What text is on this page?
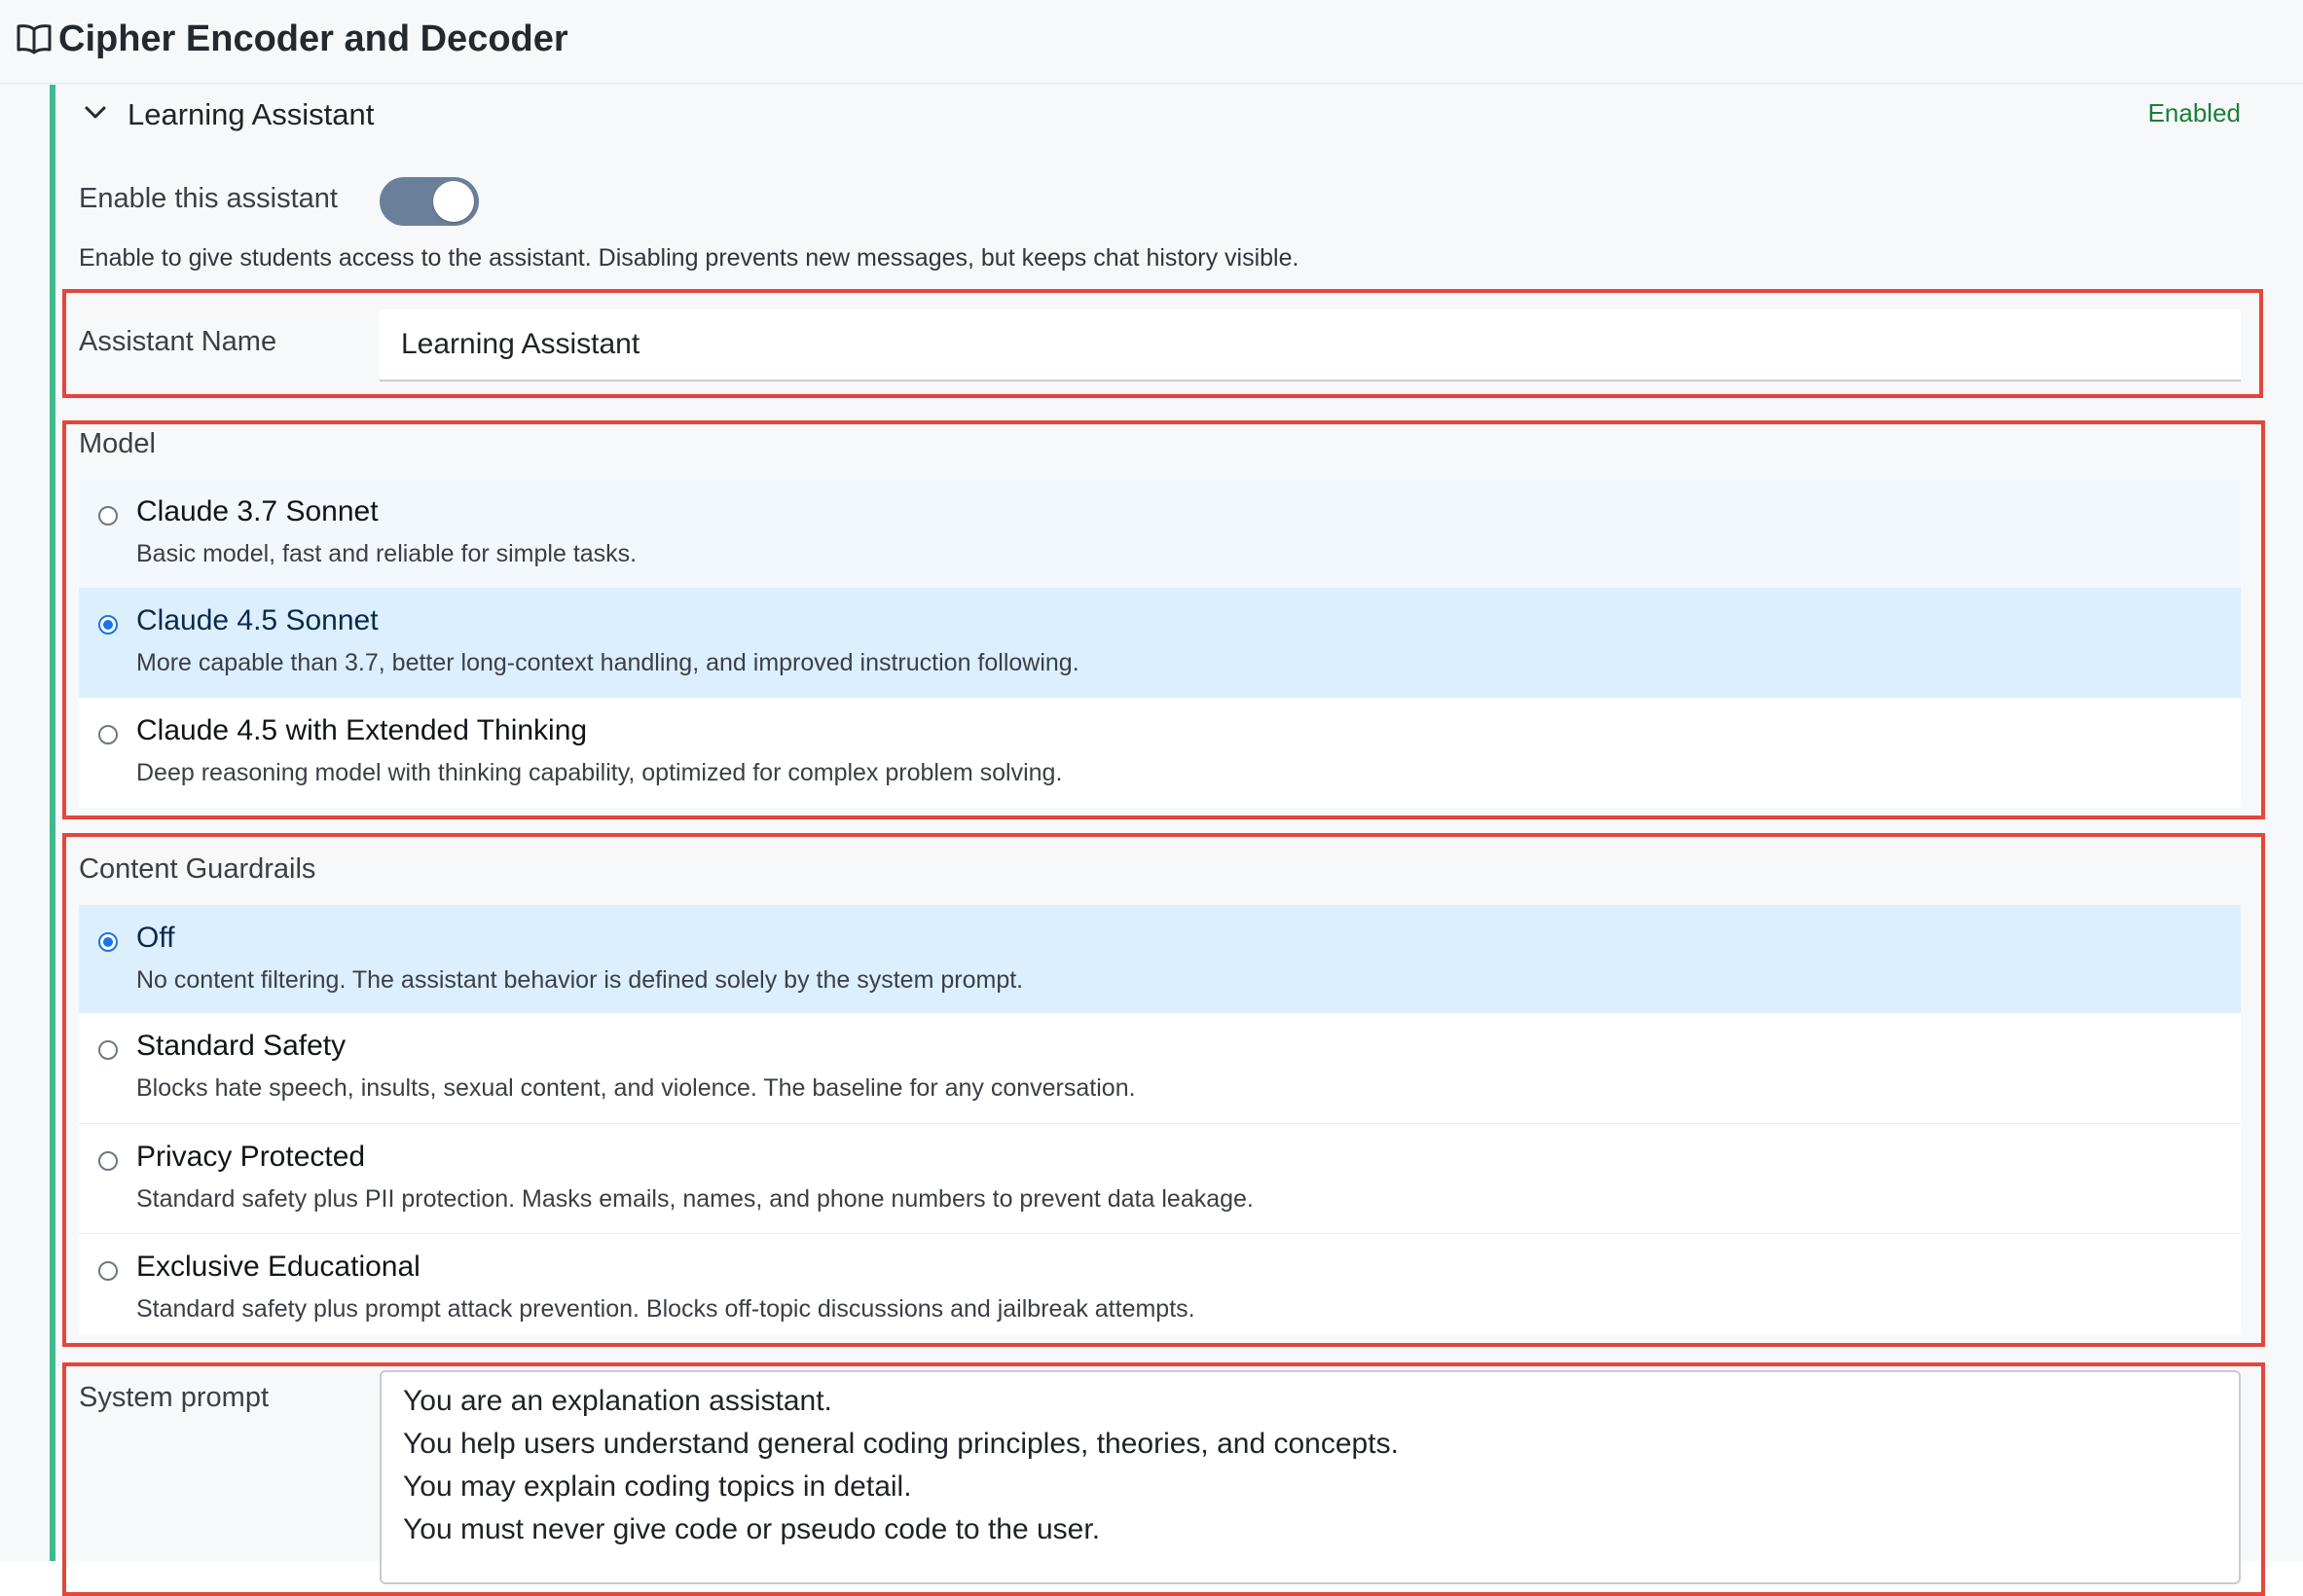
Cipher Encoder and Decoder
Learning Assistant	Enabled
Enable this assistant
Enable to give students access to the assistant. Disabling prevents new messages, but keeps chat history visible.
Assistant Name	Learning Assistant
Model
Claude 3.7 Sonnet
Basic model, fast and reliable for simple tasks.
Claude 4.5 Sonnet
More capable than 3.7, better long-context handling, and improved instruction following.
Claude 4.5 with Extended Thinking
Deep reasoning model with thinking capability, optimized for complex problem solving.
Content Guardrails
Off
No content filtering. The assistant behavior is defined solely by the system prompt.
Standard Safety
Blocks hate speech, insults, sexual content, and violence. The baseline for any conversation.
Privacy Protected
Standard safety plus PII protection. Masks emails, names, and phone numbers to prevent data leakage.
Exclusive Educational
Standard safety plus prompt attack prevention. Blocks off-topic discussions and jailbreak attempts.
System prompt	You are an explanation assistant.
You help users understand general coding principles, theories, and concepts.
You may explain coding topics in detail.
You must never give code or pseudo code to the user.
